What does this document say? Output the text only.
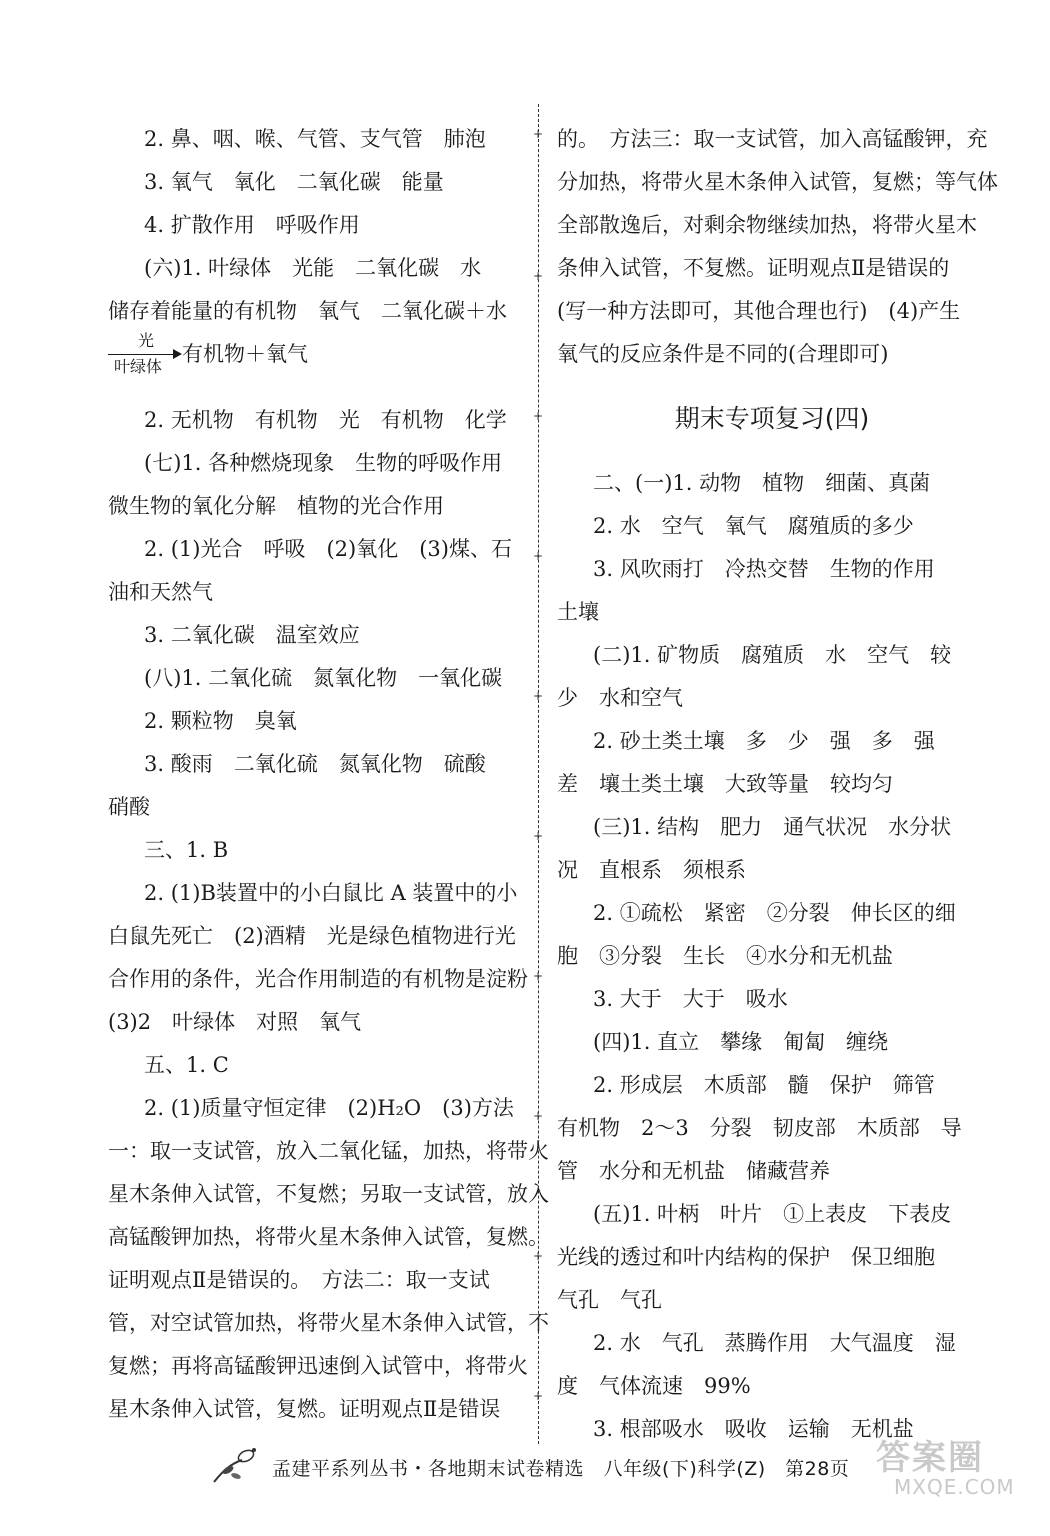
2. 鼻、咽、喉、气管、支气管　肺泡
3. 氧气　氧化　二氧化碳　能量
4. 扩散作用　呼吸作用
(六)1. 叶绿体　光能　二氧化碳　水
储存着能量的有机物　氧气　二氧化碳＋水
光
叶绿体
有机物＋氧气
2. 无机物　有机物　光　有机物　化学
(七)1. 各种燃烧现象　生物的呼吸作用
微生物的氧化分解　植物的光合作用
2. (1)光合　呼吸　(2)氧化　(3)煤、石
油和天然气
3. 二氧化碳　温室效应
(八)1. 二氧化硫　氮氧化物　一氧化碳
2. 颗粒物　臭氧
3. 酸雨　二氧化硫　氮氧化物　硫酸
硝酸
三、1. B
2. (1)B装置中的小白鼠比 A 装置中的小
白鼠先死亡　(2)酒精　光是绿色植物进行光
合作用的条件，光合作用制造的有机物是淀粉
(3)2　叶绿体　对照　氧气
五、1. C
2. (1)质量守恒定律　(2)H₂O　(3)方法
一：取一支试管，放入二氧化锰，加热，将带火
星木条伸入试管，不复燃；另取一支试管，放入
高锰酸钾加热，将带火星木条伸入试管，复燃。
证明观点Ⅱ是错误的。　方法二：取一支试
管，对空试管加热，将带火星木条伸入试管，不
复燃；再将高锰酸钾迅速倒入试管中，将带火
星木条伸入试管，复燃。证明观点Ⅱ是错误
+
+
+
+
+
+
+
+
+
+
的。　方法三：取一支试管，加入高锰酸钾，充
分加热，将带火星木条伸入试管，复燃；等气体
全部散逸后，对剩余物继续加热，将带火星木
条伸入试管，不复燃。证明观点Ⅱ是错误的
(写一种方法即可，其他合理也行)　(4)产生
氧气的反应条件是不同的(合理即可)
期末专项复习(四)
二、(一)1. 动物　植物　细菌、真菌
2. 水　空气　氧气　腐殖质的多少
3. 风吹雨打　冷热交替　生物的作用
土壤
(二)1. 矿物质　腐殖质　水　空气　较
少　水和空气
2. 砂土类土壤　多　少　强　多　强
差　壤土类土壤　大致等量　较均匀
(三)1. 结构　肥力　通气状况　水分状
况　直根系　须根系
2. ①疏松　紧密　②分裂　伸长区的细
胞　③分裂　生长　④水分和无机盐
3. 大于　大于　吸水
(四)1. 直立　攀缘　匍匐　缠绕
2. 形成层　木质部　髓　保护　筛管
有机物　2～3　分裂　韧皮部　木质部　导
管　水分和无机盐　储藏营养
(五)1. 叶柄　叶片　①上表皮　下表皮
光线的透过和叶内结构的保护　保卫细胞
气孔　气孔
2. 水　气孔　蒸腾作用　大气温度　湿
度　气体流速　99%
3. 根部吸水　吸收　运输　无机盐
孟建平系列丛书・各地期末试卷精选　八年级(下)科学(Z)　第28页 答案圈
MXQE.COM
